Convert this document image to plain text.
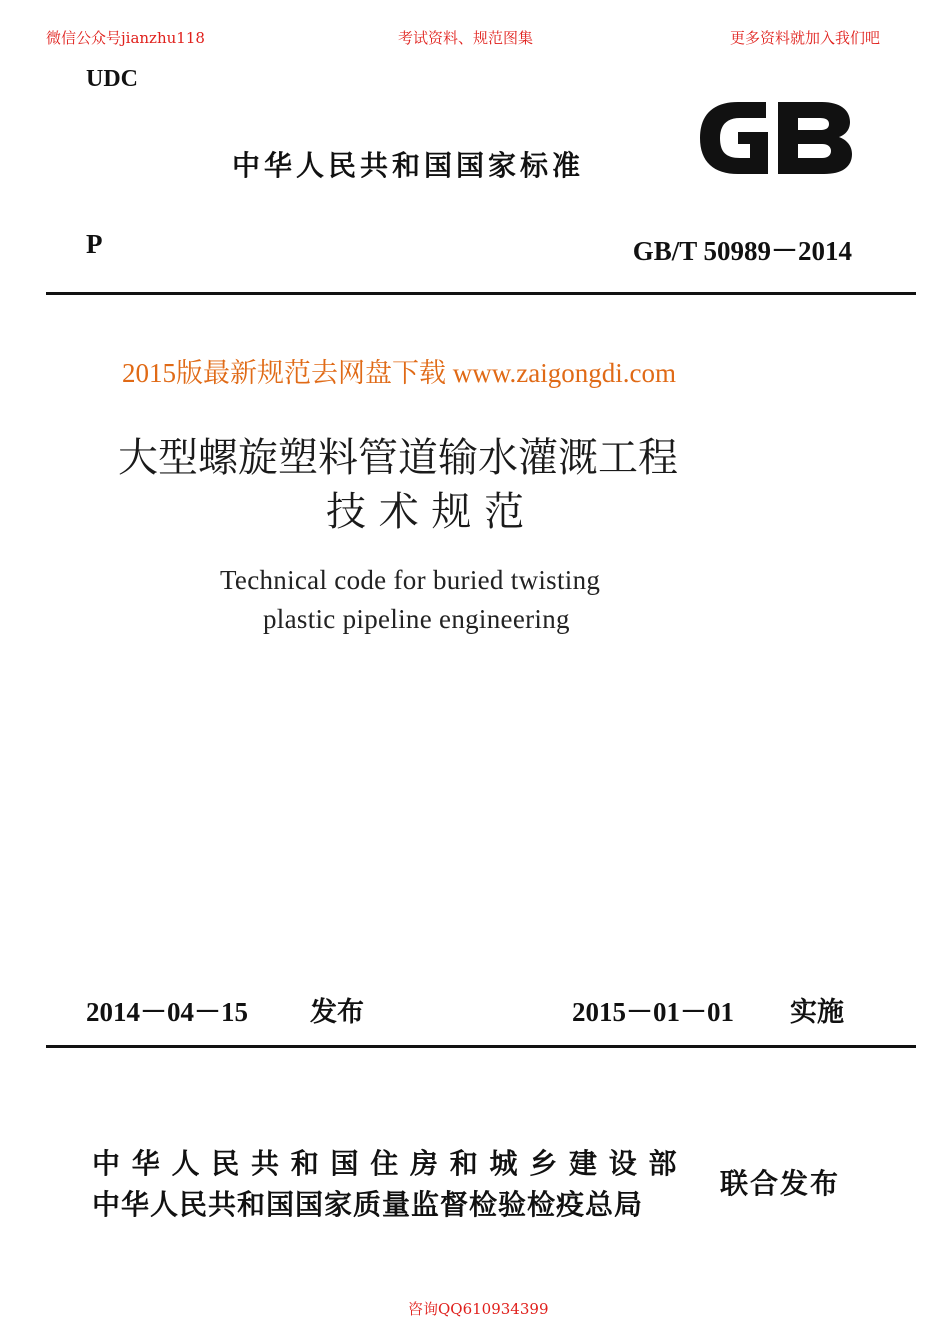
微信公众号jianzhu118	考试资料、规范图集	更多资料就加入我们吧
UDC
中华人民共和国国家标准
P	GB/T 50989－2014
2015版最新规范去网盘下载 www.zaigongdi.com
大型螺旋塑料管道输水灌溉工程
技 术 规 范
Technical code for buried twisting
plastic pipeline engineering
2014－04－15 发布	2015－01－01 实施
中 华 人 民 共 和 国 住 房 和 城 乡 建 设 部
中华人民共和国国家质量监督检验检疫总局
联合发布
咨询QQ610934399
